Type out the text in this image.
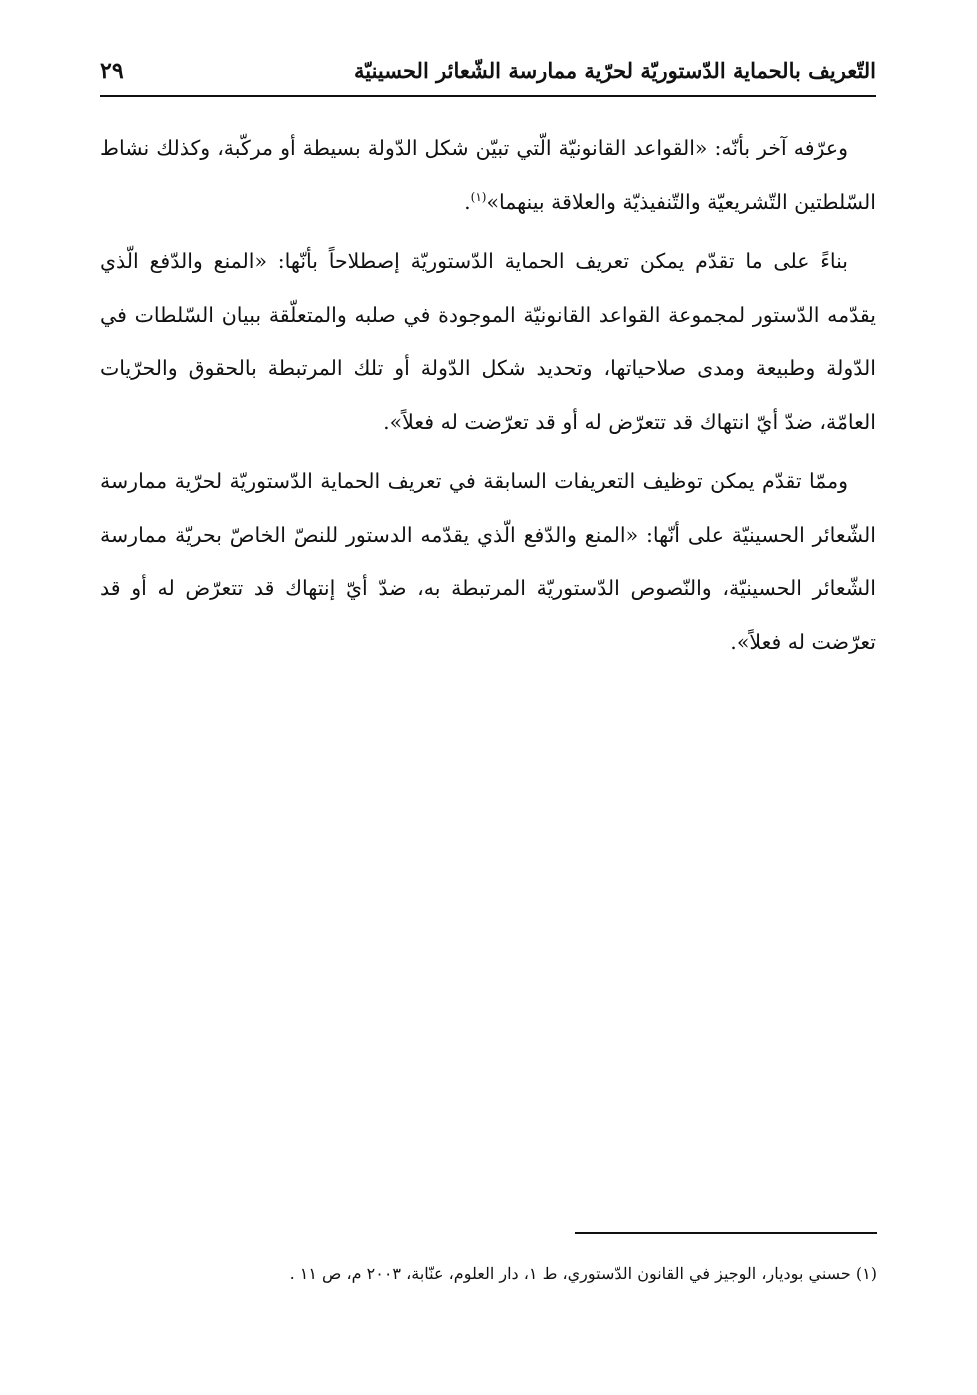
التّعريف بالحماية الدّستوريّة لحرّية ممارسة الشّعائر الحسينيّة
٢٩

وعرّفه آخر بأنّه: «القواعد القانونيّة الّتي تبيّن شكل الدّولة بسيطة أو مركّبة، وكذلك نشاط السّلطتين التّشريعيّة والتّنفيذيّة والعلاقة بينهما»$^{(١)}$.

بناءً على ما تقدّم يمكن تعريف الحماية الدّستوريّة إصطلاحاً بأنّها: «المنع والدّفع الّذي يقدّمه الدّستور لمجموعة القواعد القانونيّة الموجودة في صلبه والمتعلّقة ببيان السّلطات في الدّولة وطبيعة ومدى صلاحياتها، وتحديد شكل الدّولة أو تلك المرتبطة بالحقوق والحرّيات العامّة، ضدّ أيّ انتهاك قد تتعرّض له أو قد تعرّضت له فعلاً».

وممّا تقدّم يمكن توظيف التعريفات السابقة في تعريف الحماية الدّستوريّة لحرّية ممارسة الشّعائر الحسينيّة على أنّها: «المنع والدّفع الّذي يقدّمه الدستور للنصّ الخاصّ بحريّة ممارسة الشّعائر الحسينيّة، والنّصوص الدّستوريّة المرتبطة به، ضدّ أيّ إنتهاك قد تتعرّض له أو قد تعرّضت له فعلاً».

(١) حسني بوديار، الوجيز في القانون الدّستوري، ط ١، دار العلوم، عنّابة، ٢٠٠٣ م، ص ١١ .
